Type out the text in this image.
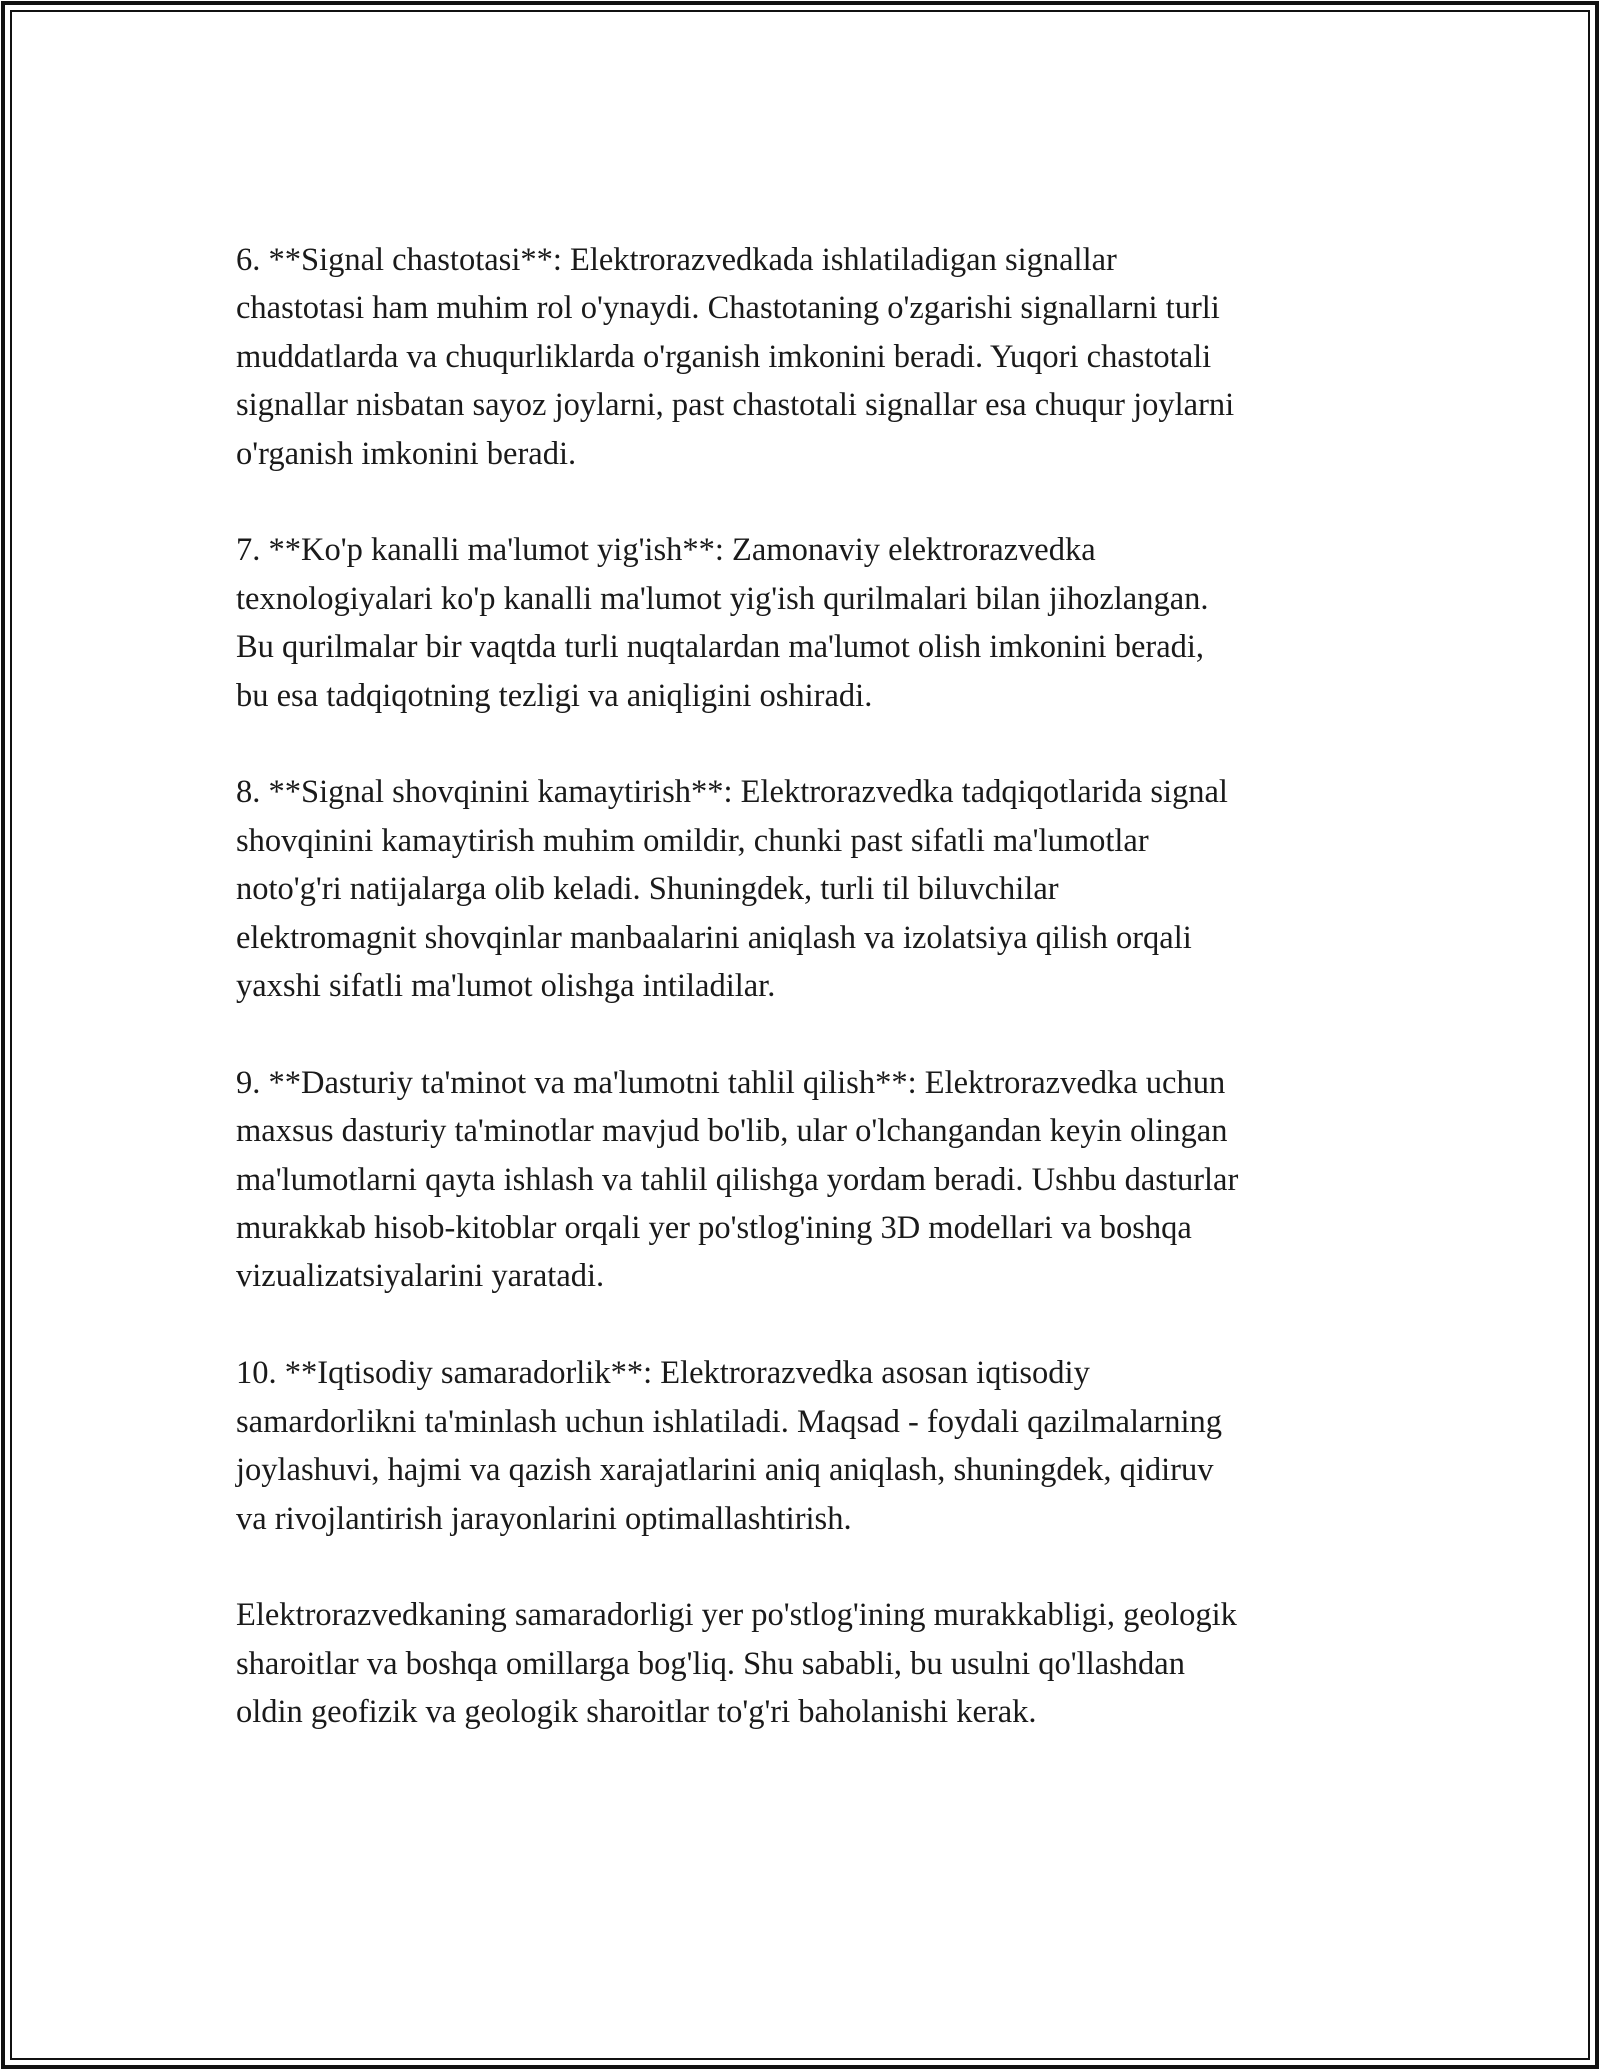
6. **Signal chastotasi**: Elektrorazvedkada ishlatiladigan signallar
chastotasi ham muhim rol o'ynaydi. Chastotaning o'zgarishi signallarni turli
muddatlarda va chuqurliklarda o'rganish imkonini beradi. Yuqori chastotali
signallar nisbatan sayoz joylarni, past chastotali signallar esa chuqur joylarni
o'rganish imkonini beradi.

7. **Ko'p kanalli ma'lumot yig'ish**: Zamonaviy elektrorazvedka
texnologiyalari ko'p kanalli ma'lumot yig'ish qurilmalari bilan jihozlangan.
Bu qurilmalar bir vaqtda turli nuqtalardan ma'lumot olish imkonini beradi,
bu esa tadqiqotning tezligi va aniqligini oshiradi.

8. **Signal shovqinini kamaytirish**: Elektrorazvedka tadqiqotlarida signal
shovqinini kamaytirish muhim omildir, chunki past sifatli ma'lumotlar
noto'g'ri natijalarga olib keladi. Shuningdek, turli til biluvchilar
elektromagnit shovqinlar manbaalarini aniqlash va izolatsiya qilish orqali
yaxshi sifatli ma'lumot olishga intiladilar.

9. **Dasturiy ta'minot va ma'lumotni tahlil qilish**: Elektrorazvedka uchun
maxsus dasturiy ta'minotlar mavjud bo'lib, ular o'lchangandan keyin olingan
ma'lumotlarni qayta ishlash va tahlil qilishga yordam beradi. Ushbu dasturlar
murakkab hisob-kitoblar orqali yer po'stlog'ining 3D modellari va boshqa
vizualizatsiyalarini yaratadi.

10. **Iqtisodiy samaradorlik**: Elektrorazvedka asosan iqtisodiy
samardorlikni ta'minlash uchun ishlatiladi. Maqsad - foydali qazilmalarning
joylashuvi, hajmi va qazish xarajatlarini aniq aniqlash, shuningdek, qidiruv
va rivojlantirish jarayonlarini optimallashtirish.

Elektrorazvedkaning samaradorligi yer po'stlog'ining murakkabligi, geologik
sharoitlar va boshqa omillarga bog'liq. Shu sababli, bu usulni qo'llashdan
oldin geofizik va geologik sharoitlar to'g'ri baholanishi kerak.
